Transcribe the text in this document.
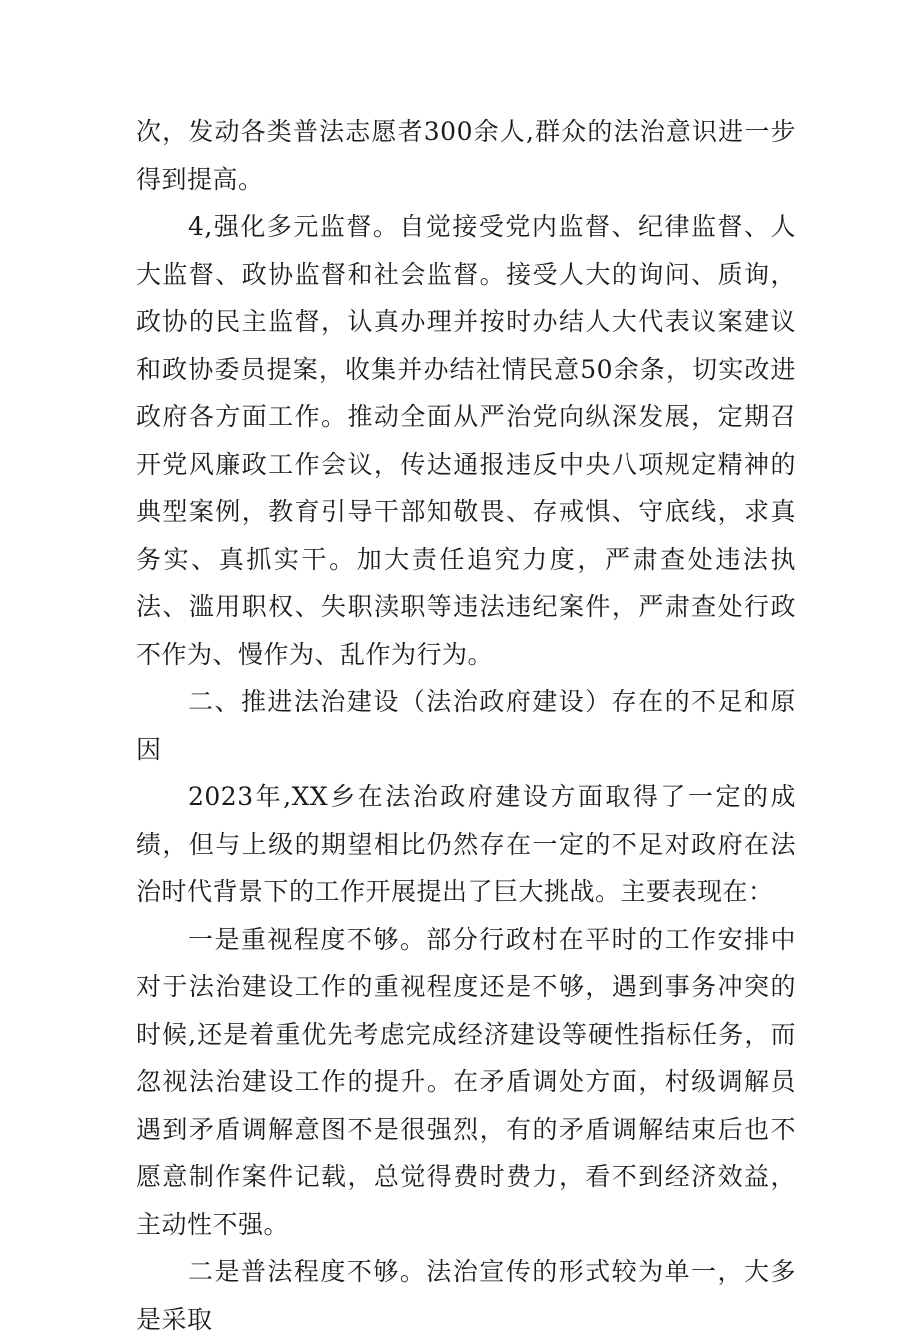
次，发动各类普法志愿者300余人,群众的法治意识进一步得到提高。

4,强化多元监督。自觉接受党内监督、纪律监督、人大监督、政协监督和社会监督。接受人大的询问、质询，政协的民主监督，认真办理并按时办结人大代表议案建议和政协委员提案，收集并办结社情民意50余条，切实改进政府各方面工作。推动全面从严治党向纵深发展，定期召开党风廉政工作会议，传达通报违反中央八项规定精神的典型案例，教育引导干部知敬畏、存戒惧、守底线，求真务实、真抓实干。加大责任追究力度，严肃查处违法执法、滥用职权、失职渎职等违法违纪案件，严肃查处行政不作为、慢作为、乱作为行为。

二、推进法治建设（法治政府建设）存在的不足和原因

2023年,XX乡在法治政府建设方面取得了一定的成绩，但与上级的期望相比仍然存在一定的不足对政府在法治时代背景下的工作开展提出了巨大挑战。主要表现在：

一是重视程度不够。部分行政村在平时的工作安排中对于法治建设工作的重视程度还是不够，遇到事务冲突的时候,还是着重优先考虑完成经济建设等硬性指标任务，而忽视法治建设工作的提升。在矛盾调处方面，村级调解员遇到矛盾调解意图不是很强烈，有的矛盾调解结束后也不愿意制作案件记载，总觉得费时费力，看不到经济效益，主动性不强。

二是普法程度不够。法治宣传的形式较为单一，大多是采取
